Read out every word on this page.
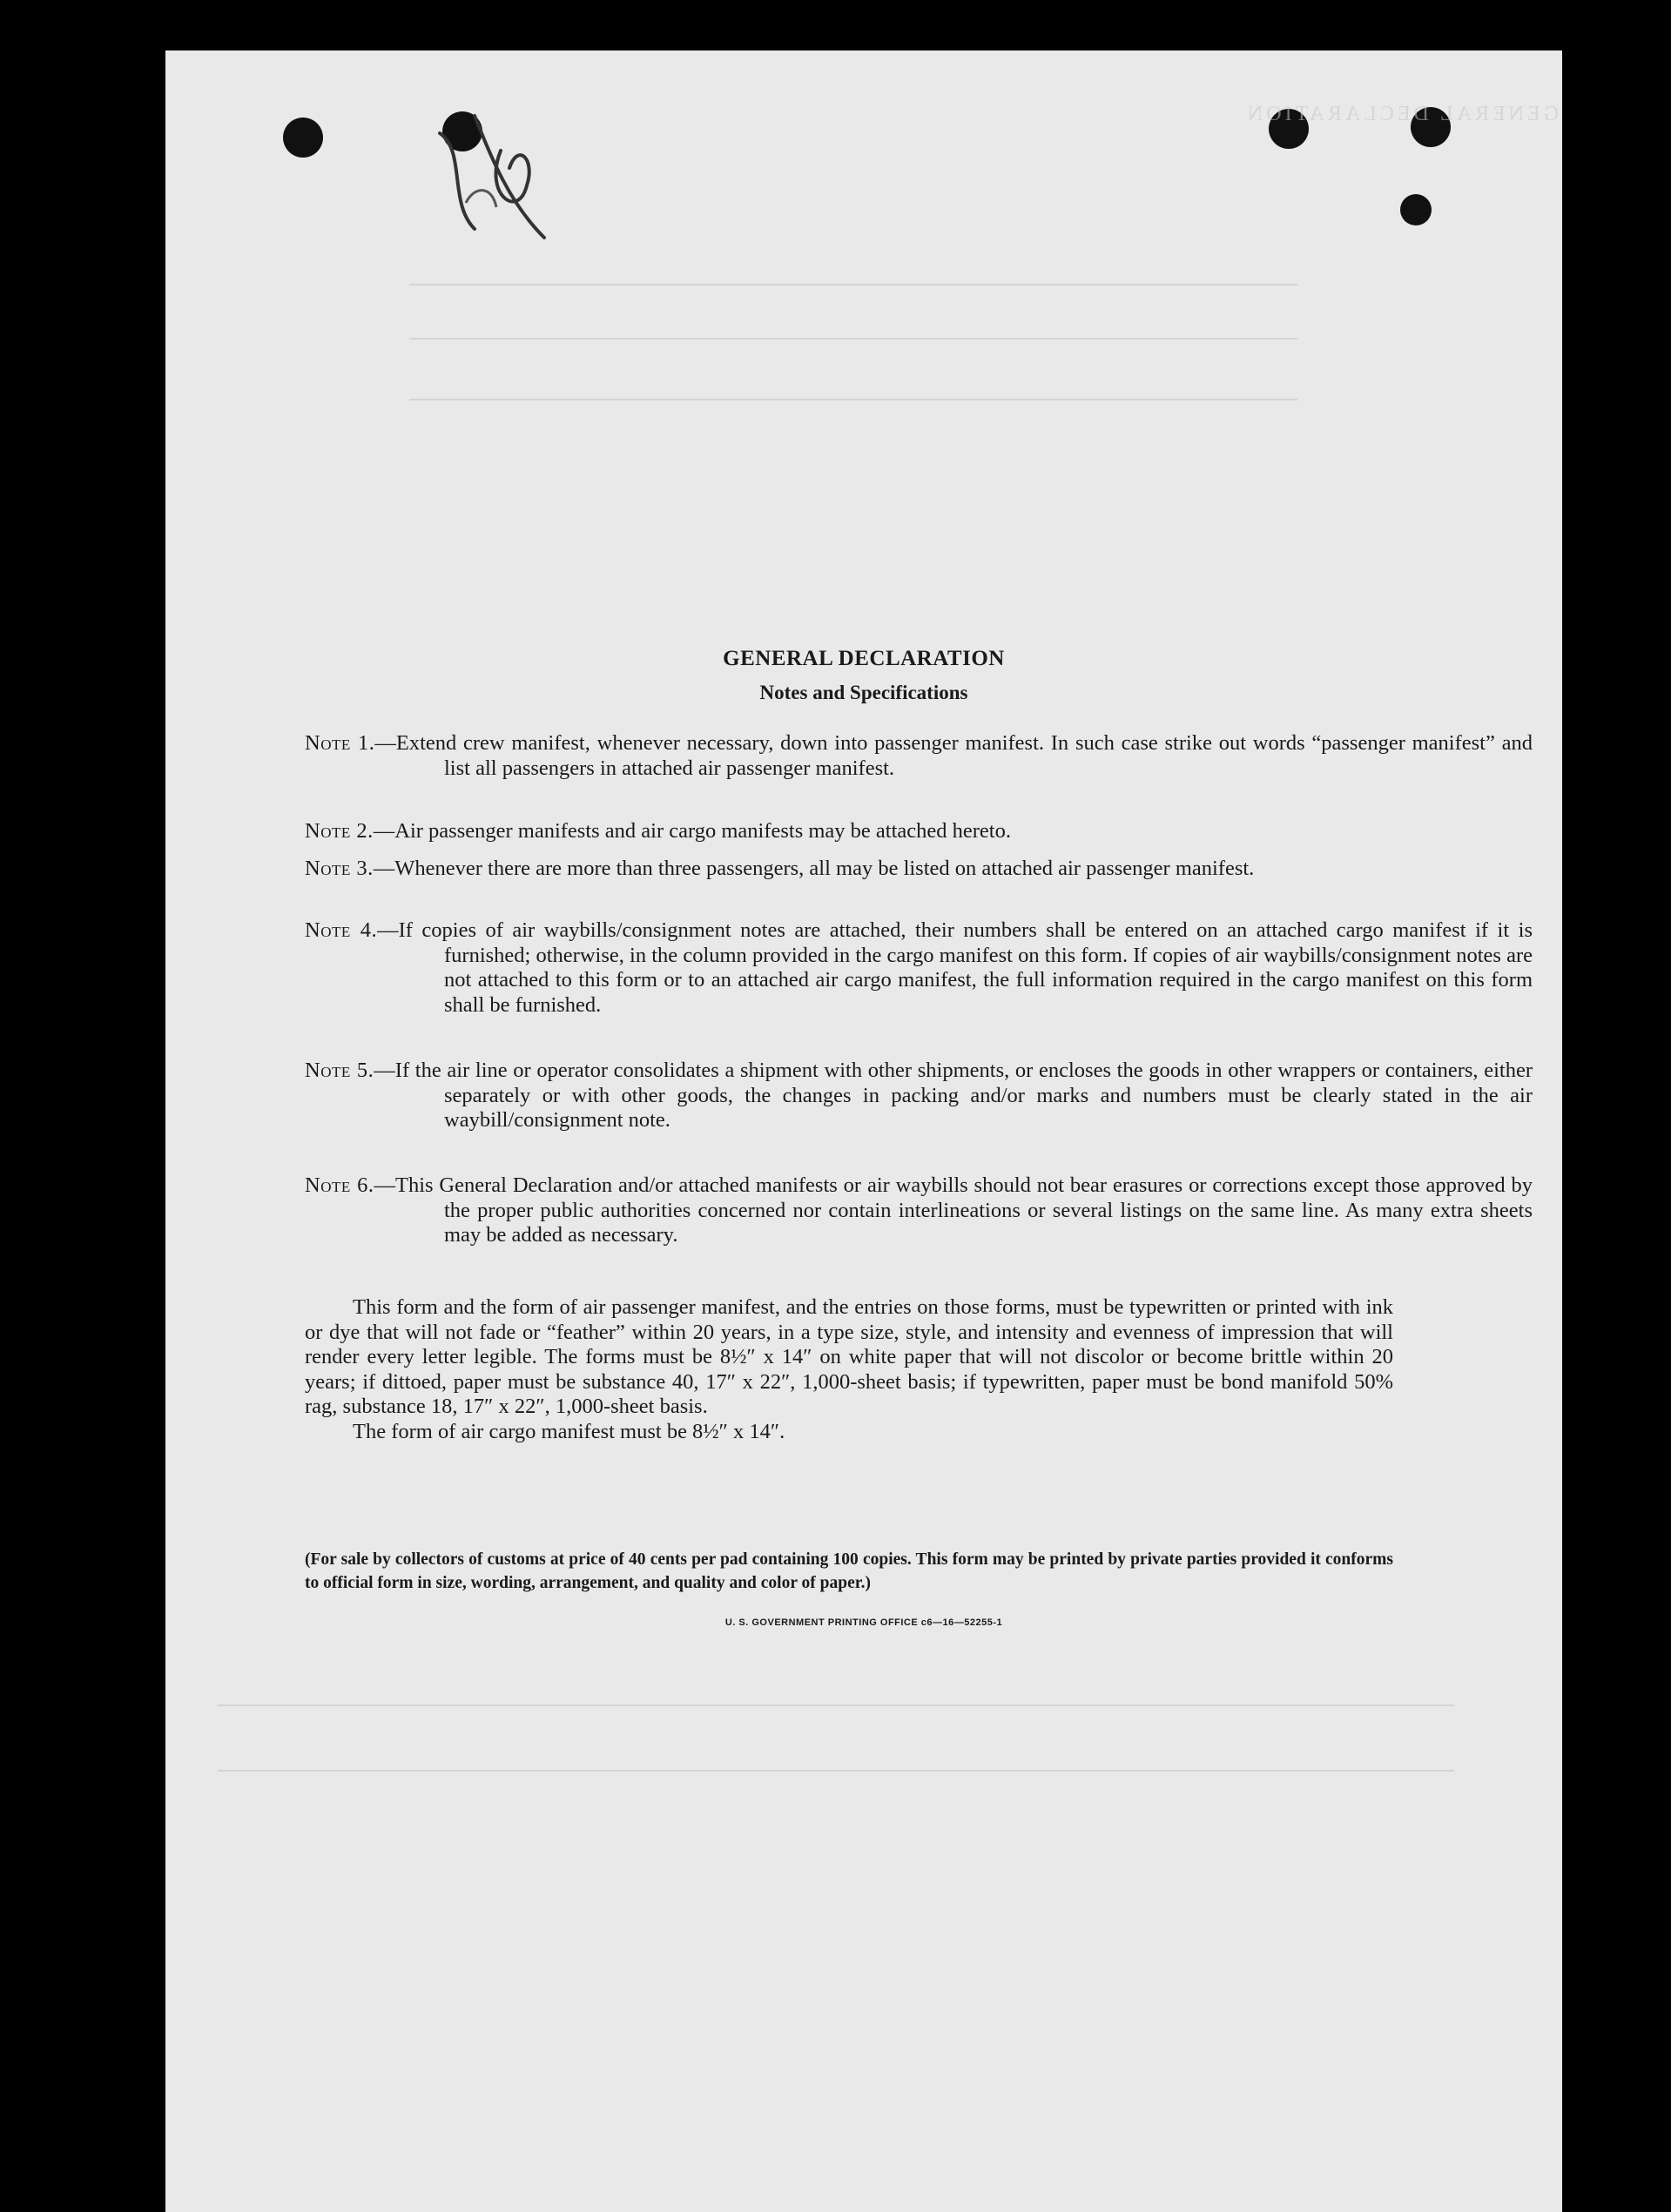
GENERAL DECLARATION
GENERAL DECLARATION
Notes and Specifications
Note 1.—Extend crew manifest, whenever necessary, down into passenger manifest. In such case strike out words “passenger manifest” and list all passengers in attached air passenger manifest.
Note 2.—Air passenger manifests and air cargo manifests may be attached hereto.
Note 3.—Whenever there are more than three passengers, all may be listed on attached air passenger manifest.
Note 4.—If copies of air waybills/consignment notes are attached, their numbers shall be entered on an attached cargo manifest if it is furnished; otherwise, in the column provided in the cargo manifest on this form. If copies of air waybills/consignment notes are not attached to this form or to an attached air cargo manifest, the full information required in the cargo manifest on this form shall be furnished.
Note 5.—If the air line or operator consolidates a shipment with other shipments, or encloses the goods in other wrappers or containers, either separately or with other goods, the changes in packing and/or marks and numbers must be clearly stated in the air waybill/consignment note.
Note 6.—This General Declaration and/or attached manifests or air waybills should not bear erasures or corrections except those approved by the proper public authorities concerned nor contain interlineations or several listings on the same line. As many extra sheets may be added as necessary.

This form and the form of air passenger manifest, and the entries on those forms, must be typewritten or printed with ink or dye that will not fade or “feather” within 20 years, in a type size, style, and intensity and evenness of impression that will render every letter legible. The forms must be 8½″ x 14″ on white paper that will not discolor or become brittle within 20 years; if dittoed, paper must be substance 40, 17″ x 22″, 1,000-sheet basis; if typewritten, paper must be bond manifold 50% rag, substance 18, 17″ x 22″, 1,000-sheet basis.

The form of air cargo manifest must be 8½″ x 14″.

(For sale by collectors of customs at price of 40 cents per pad containing 100 copies. This form may be printed by private parties provided it conforms to official form in size, wording, arrangement, and quality and color of paper.)
U. S. GOVERNMENT PRINTING OFFICE c6—16—52255-1
